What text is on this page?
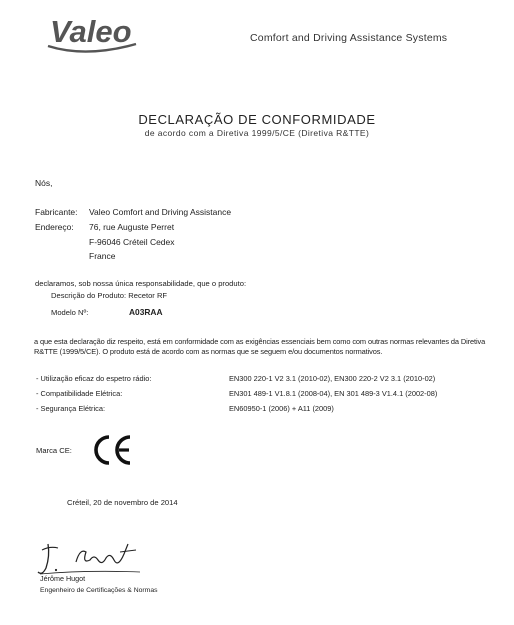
Valeo	Comfort and Driving Assistance Systems
DECLARAÇÃO DE CONFORMIDADE
de acordo com a Diretiva 1999/5/CE (Diretiva R&TTE)
Nós,
Fabricante: Valeo Comfort and Driving Assistance
Endereço: 76, rue Auguste Perret
F-96046 Créteil Cedex
France
declaramos, sob nossa única responsabilidade, que o produto:
Descrição do Produto: Recetor RF
Modelo Nº:	A03RAA
a que esta declaração diz respeito, está em conformidade com as exigências essenciais bem como com outras normas relevantes da Diretiva R&TTE (1999/5/CE). O produto está de acordo com as normas que se seguem e/ou documentos normativos.
- Utilização eficaz do espetro rádio:	EN300 220-1 V2 3.1 (2010-02), EN300 220-2 V2 3.1 (2010-02)
- Compatibilidade Elétrica:	EN301 489-1 V1.8.1 (2008-04), EN 301 489-3 V1.4.1 (2002-08)
- Segurança Elétrica:	EN60950-1 (2006) + A11 (2009)
Marca CE:
Créteil, 20 de novembro de 2014
Jérôme Hugot
Engenheiro de Certificações & Normas
